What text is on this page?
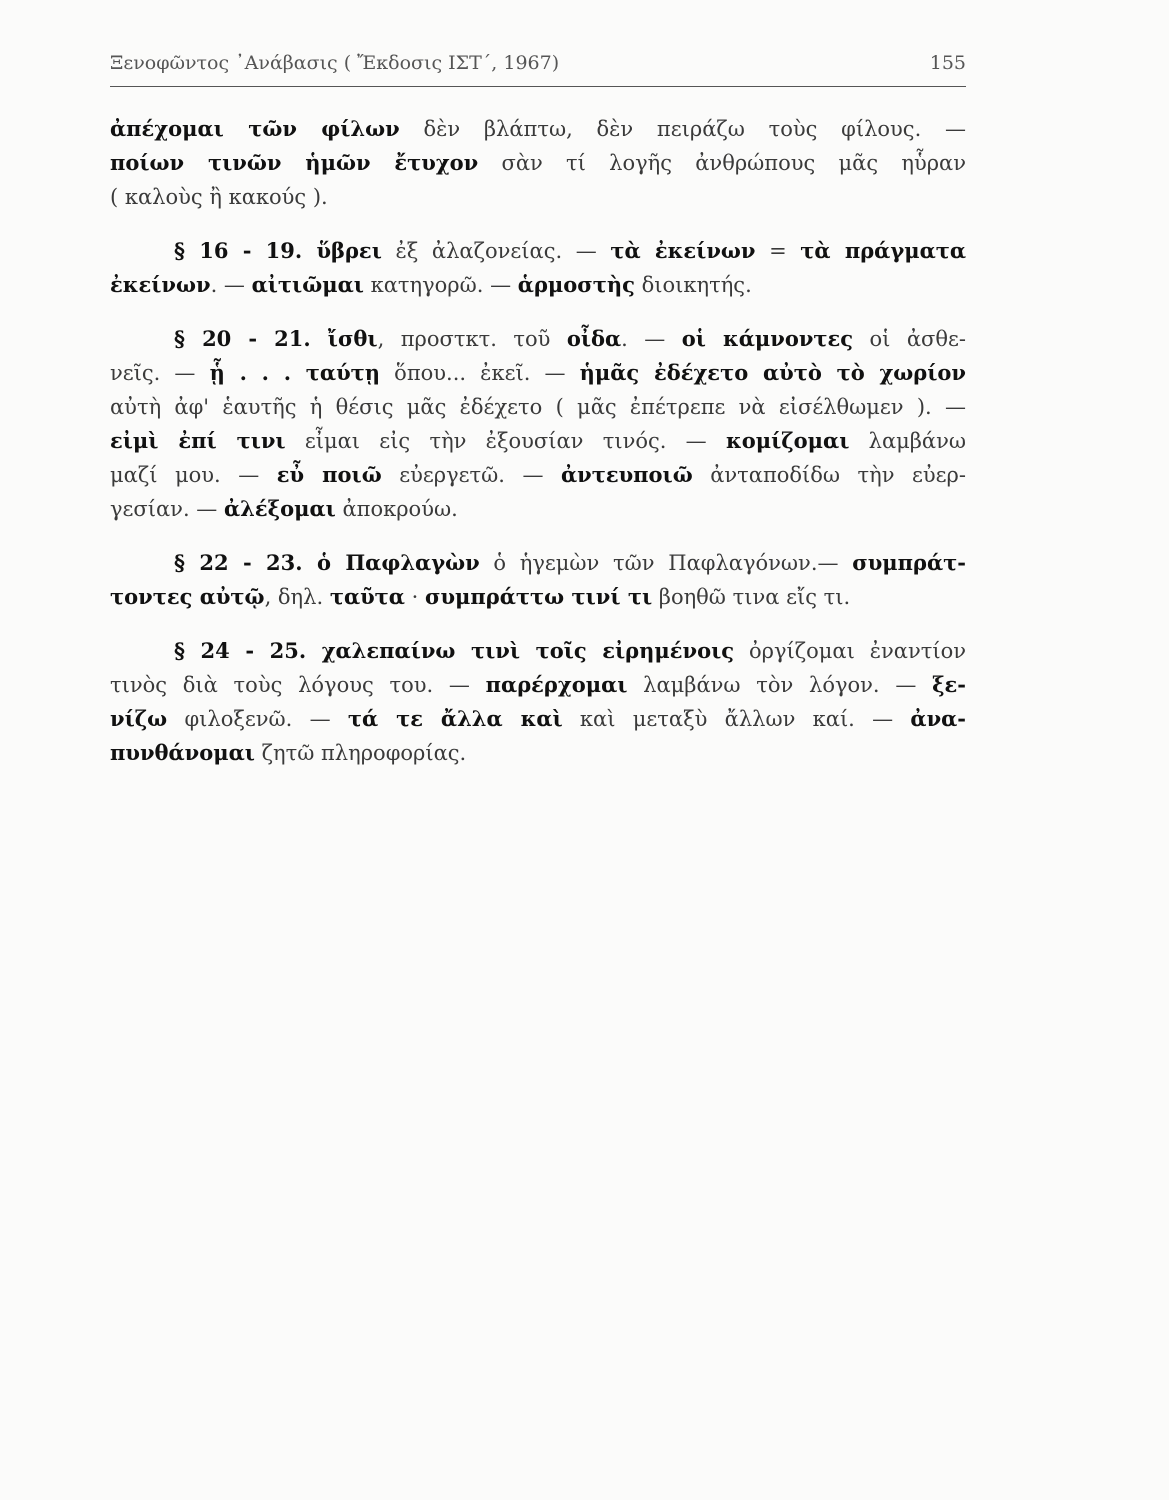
Ξενοφῶντος ᾿Ανάβασις ( Ἔκδοσις ΙΣΤ΄, 1967)	155
ἀπέχομαι τῶν φίλων δὲν βλάπτω, δὲν πειράζω τοὺς φίλους. —
ποίων τινῶν ἡμῶν ἔτυχον σὰν τί λογῆς ἀνθρώπους μᾶς ηὗραν
( καλοὺς ἢ κακούς ).
§ 16 - 19. ὕβρει ἐξ ἀλαζονείας. — τὰ ἐκείνων = τὰ πράγματα
ἐκείνων. — αἰτιῶμαι κατηγορῶ. — ἁρμοστὴς διοικητής.
§ 20 - 21. ἴσθι, προστκτ. τοῦ οἶδα. — οἱ κάμνοντες οἱ ἀσθε-
νεῖς. — ᾗ . . . ταύτῃ ὅπου... ἐκεῖ. — ἡμᾶς ἐδέχετο αὐτὸ τὸ χωρίον
αὐτὴ ἀφ' ἑαυτῆς ἡ θέσις μᾶς ἐδέχετο ( μᾶς ἐπέτρεπε νὰ εἰσέλθωμεν ). —
εἰμὶ ἐπί τινι εἶμαι εἰς τὴν ἐξουσίαν τινός. — κομίζομαι λαμβάνω
μαζί μου. — εὖ ποιῶ εὐεργετῶ. — ἀντευποιῶ ἀνταποδίδω τὴν εὐερ-
γεσίαν. — ἀλέξομαι ἀποκρούω.
§ 22 - 23. ὁ Παφλαγὼν ὁ ἡγεμὼν τῶν Παφλαγόνων.— συμπράτ-
τοντες αὐτῷ, δηλ. ταῦτα · συμπράττω τινί τι βοηθῶ τινα εἴς τι.
§ 24 - 25. χαλεπαίνω τινὶ τοῖς εἰρημένοις ὀργίζομαι ἐναντίον
τινὸς διὰ τοὺς λόγους του. — παρέρχομαι λαμβάνω τὸν λόγον. — ξε-
νίζω φιλοξενῶ. — τά τε ἄλλα καὶ καὶ μεταξὺ ἄλλων καί. — ἀνα-
πυνθάνομαι ζητῶ πληροφορίας.
